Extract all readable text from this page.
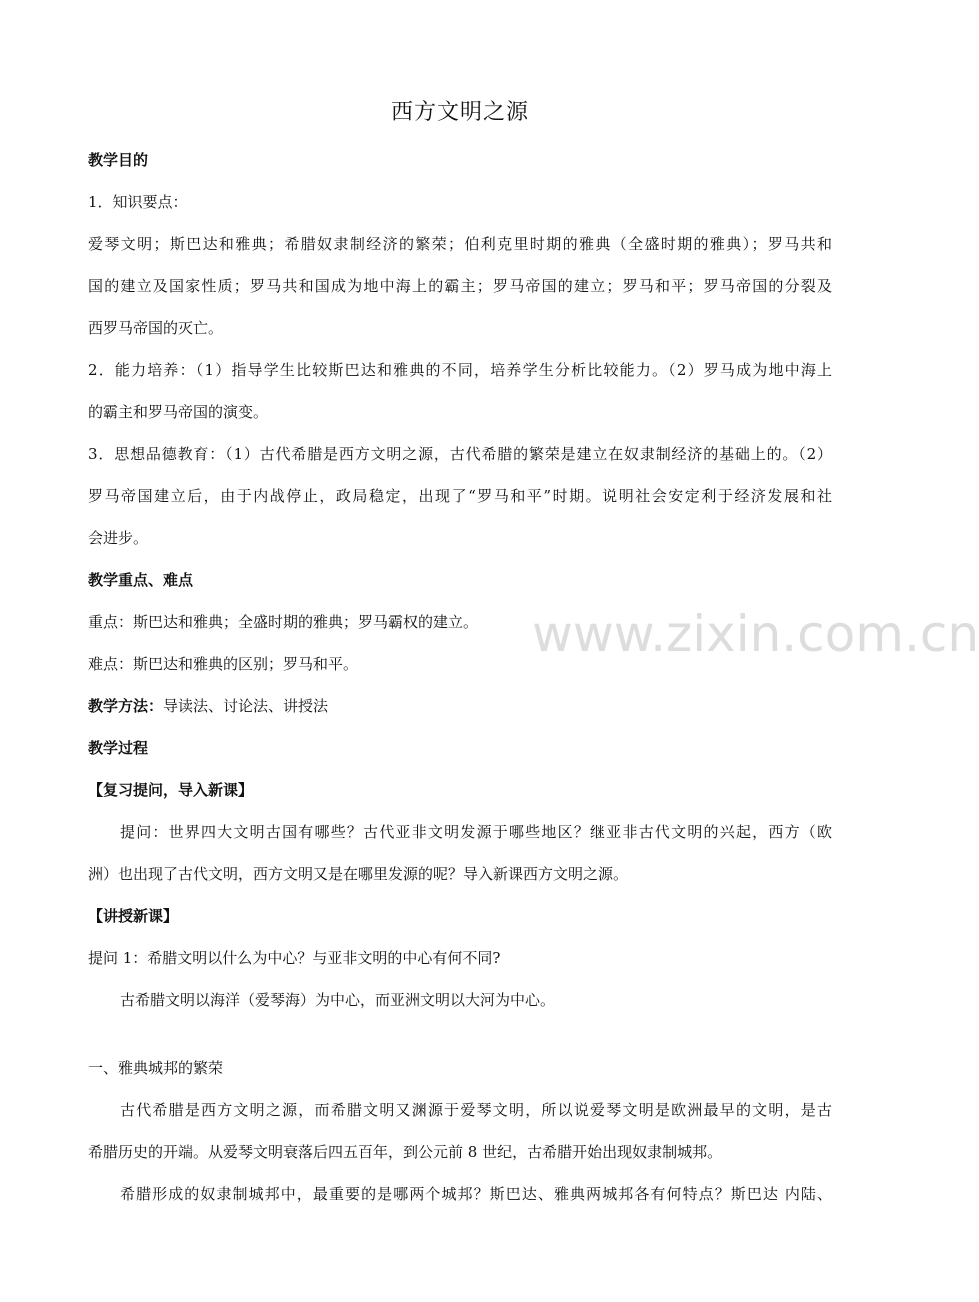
西方文明之源
www.zixin.com.cn
教学目的
1．知识要点：
爱琴文明；斯巴达和雅典；希腊奴隶制经济的繁荣；伯利克里时期的雅典（全盛时期的雅典）；罗马共和
国的建立及国家性质；罗马共和国成为地中海上的霸主；罗马帝国的建立；罗马和平；罗马帝国的分裂及
西罗马帝国的灭亡。
2．能力培养：（1）指导学生比较斯巴达和雅典的不同，培养学生分析比较能力。（2）罗马成为地中海上
的霸主和罗马帝国的演变。
3．思想品德教育：（1）古代希腊是西方文明之源，古代希腊的繁荣是建立在奴隶制经济的基础上的。（2）
罗马帝国建立后，由于内战停止，政局稳定，出现了“罗马和平”时期。说明社会安定利于经济发展和社
会进步。
教学重点、难点
重点：斯巴达和雅典；全盛时期的雅典；罗马霸权的建立。
难点：斯巴达和雅典的区别；罗马和平。
教学方法：导读法、讨论法、讲授法
教学过程
【复习提问，导入新课】
提问：世界四大文明古国有哪些？古代亚非文明发源于哪些地区？继亚非古代文明的兴起，西方（欧
洲）也出现了古代文明，西方文明又是在哪里发源的呢？导入新课西方文明之源。
【讲授新课】
提问 1：希腊文明以什么为中心？与亚非文明的中心有何不同?
古希腊文明以海洋（爱琴海）为中心，而亚洲文明以大河为中心。
一、雅典城邦的繁荣
古代希腊是西方文明之源，而希腊文明又渊源于爱琴文明，所以说爱琴文明是欧洲最早的文明，是古
希腊历史的开端。从爱琴文明衰落后四五百年，到公元前 8 世纪，古希腊开始出现奴隶制城邦。
希腊形成的奴隶制城邦中，最重要的是哪两个城邦？斯巴达、雅典两城邦各有何特点？斯巴达 内陆、
